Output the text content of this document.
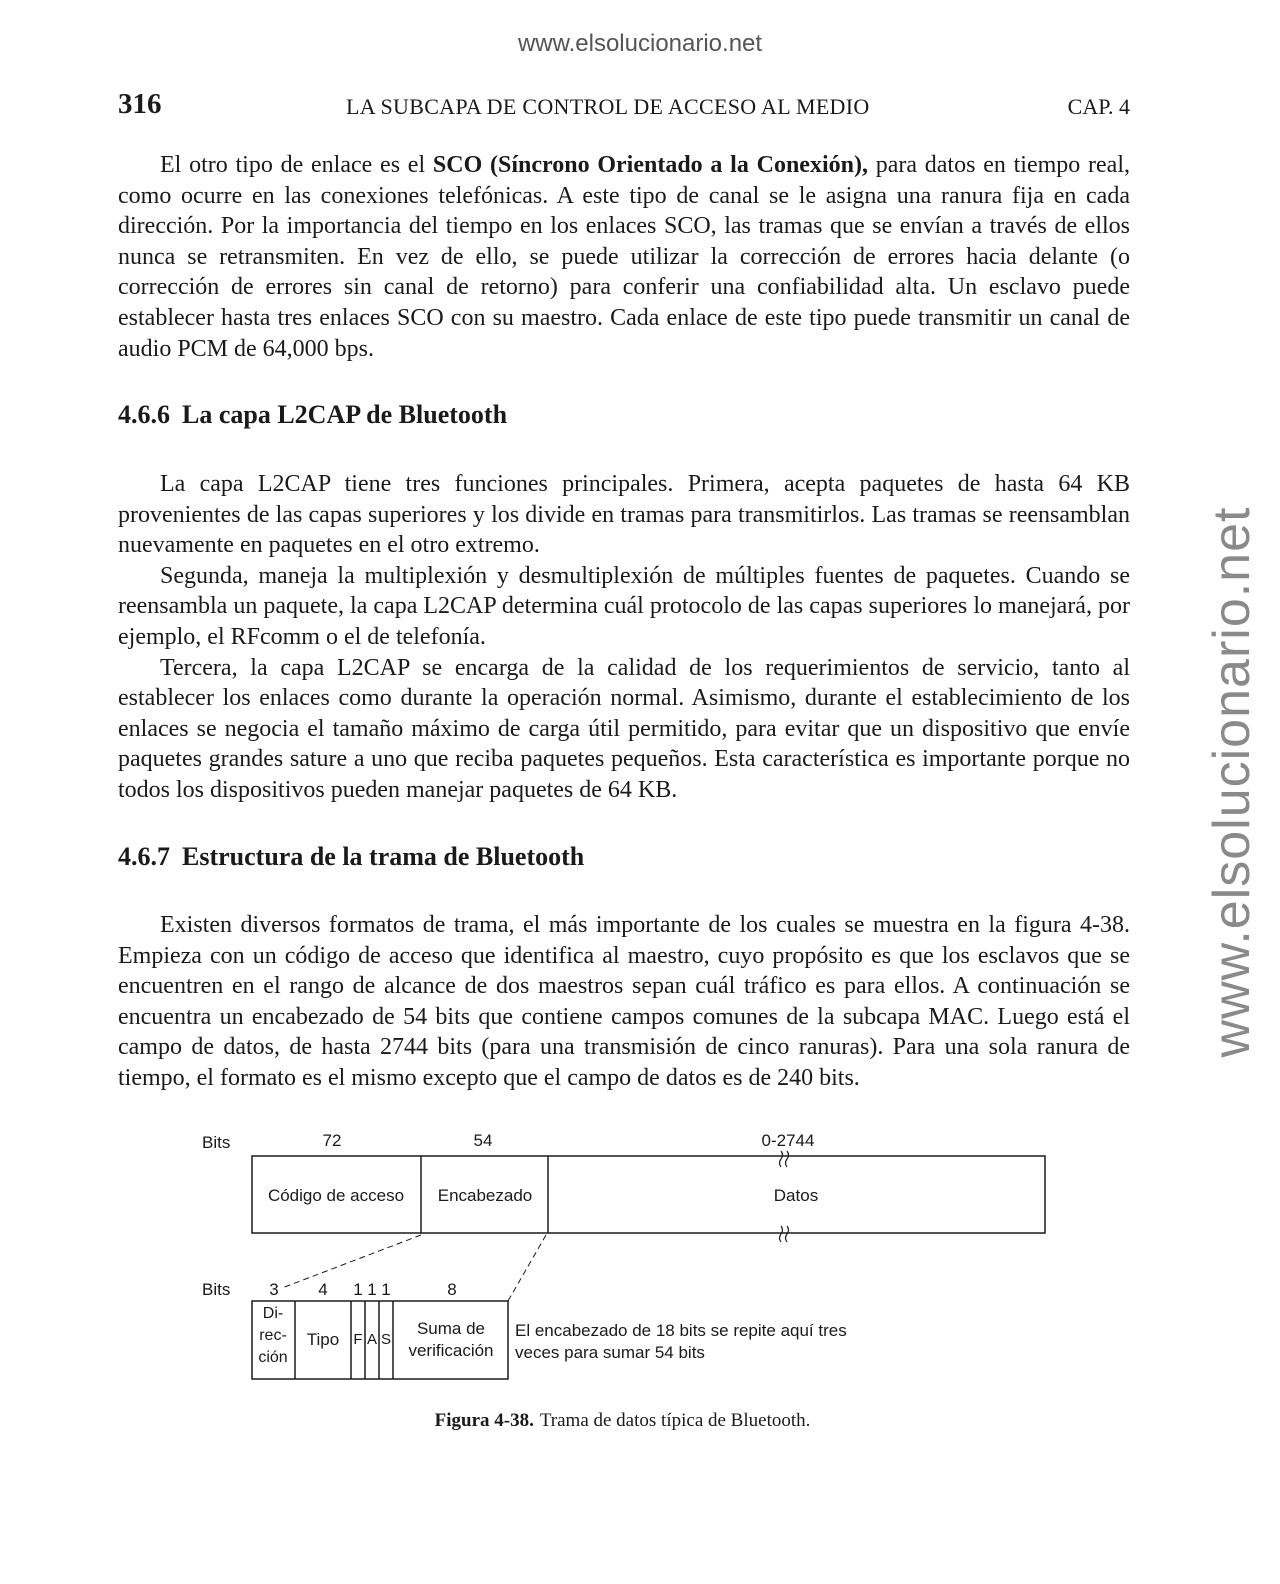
www.elsolucionario.net
www.elsolucionario.net
316	LA SUBCAPA DE CONTROL DE ACCESO AL MEDIO	CAP. 4

El otro tipo de enlace es el SCO (Síncrono Orientado a la Conexión), para datos en tiempo real, como ocurre en las conexiones telefónicas. A este tipo de canal se le asigna una ranura fija en cada dirección. Por la importancia del tiempo en los enlaces SCO, las tramas que se envían a través de ellos nunca se retransmiten. En vez de ello, se puede utilizar la corrección de errores hacia delante (o corrección de errores sin canal de retorno) para conferir una confiabilidad alta. Un esclavo puede establecer hasta tres enlaces SCO con su maestro. Cada enlace de este tipo puede transmitir un canal de audio PCM de 64,000 bps.

4.6.6 La capa L2CAP de Bluetooth

La capa L2CAP tiene tres funciones principales. Primera, acepta paquetes de hasta 64 KB provenientes de las capas superiores y los divide en tramas para transmitirlos. Las tramas se reensamblan nuevamente en paquetes en el otro extremo.

Segunda, maneja la multiplexión y desmultiplexión de múltiples fuentes de paquetes. Cuando se reensambla un paquete, la capa L2CAP determina cuál protocolo de las capas superiores lo manejará, por ejemplo, el RFcomm o el de telefonía.

Tercera, la capa L2CAP se encarga de la calidad de los requerimientos de servicio, tanto al establecer los enlaces como durante la operación normal. Asimismo, durante el establecimiento de los enlaces se negocia el tamaño máximo de carga útil permitido, para evitar que un dispositivo que envíe paquetes grandes sature a uno que reciba paquetes pequeños. Esta característica es importante porque no todos los dispositivos pueden manejar paquetes de 64 KB.

4.6.7 Estructura de la trama de Bluetooth

Existen diversos formatos de trama, el más importante de los cuales se muestra en la figura 4-38. Empieza con un código de acceso que identifica al maestro, cuyo propósito es que los esclavos que se encuentren en el rango de alcance de dos maestros sepan cuál tráfico es para ellos. A continuación se encuentra un encabezado de 54 bits que contiene campos comunes de la subcapa MAC. Luego está el campo de datos, de hasta 2744 bits (para una transmisión de cinco ranuras). Para una sola ranura de tiempo, el formato es el mismo excepto que el campo de datos es de 240 bits.

Bits	72	54	0-2744
Código de acceso Encabezado	Datos
Bits 3 4 1 1 1	8
Di-
rec-
ción
Tipo F A S
Suma de
verificación
El encabezado de 18 bits se repite aquí tres
veces para sumar 54 bits
Figura 4-38. Trama de datos típica de Bluetooth.
